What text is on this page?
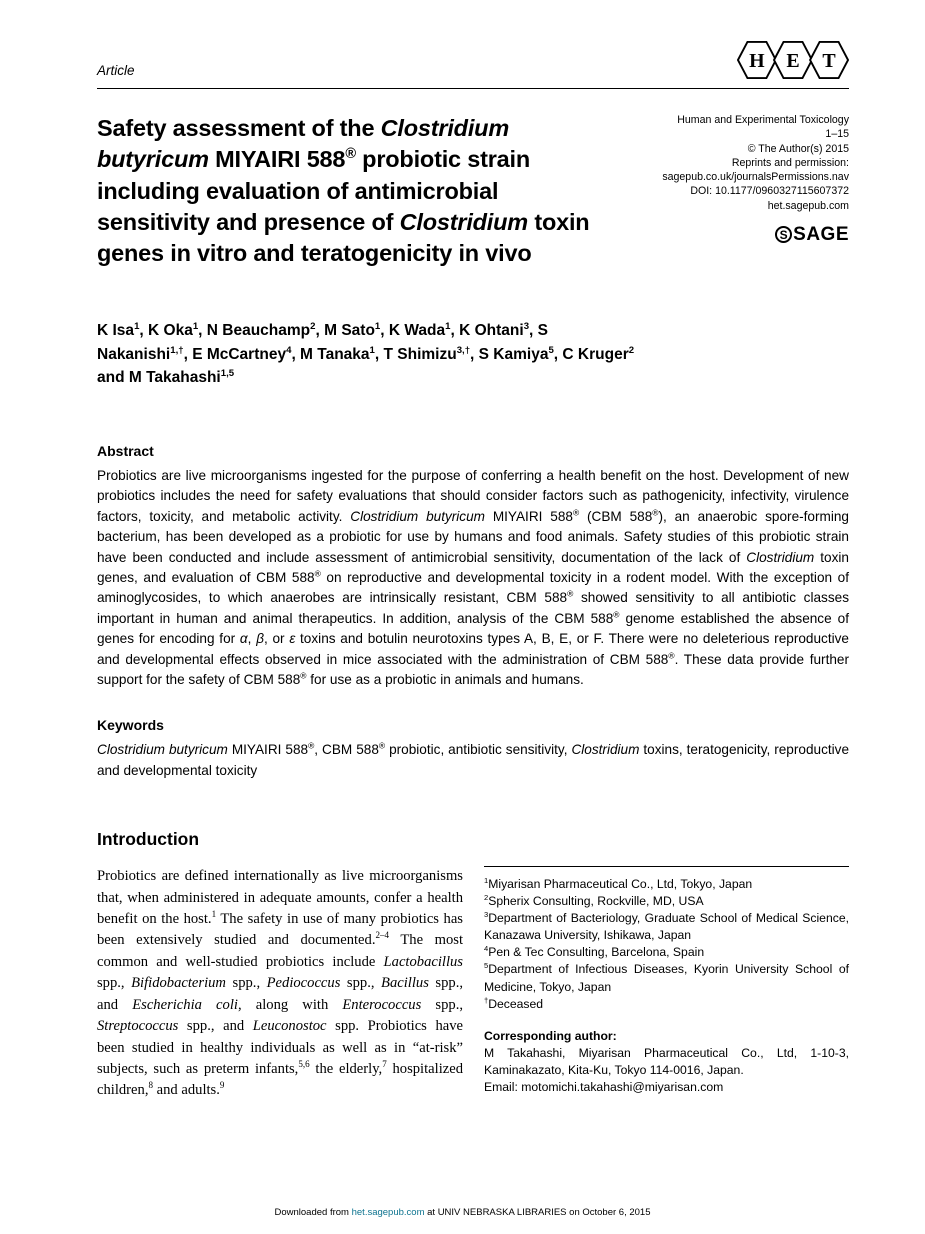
Article	H E T
Safety assessment of the Clostridium butyricum MIYAIRI 588® probiotic strain including evaluation of antimicrobial sensitivity and presence of Clostridium toxin genes in vitro and teratogenicity in vivo
Human and Experimental Toxicology
1–15
© The Author(s) 2015
Reprints and permission:
sagepub.co.uk/journalsPermissions.nav
DOI: 10.1177/0960327115607372
het.sagepub.com
S SAGE
K Isa$^1$, K Oka$^1$, N Beauchamp$^2$, M Sato$^1$, K Wada$^1$, K Ohtani$^3$, S Nakanishi$^{1,\dagger}$, E McCartney$^4$, M Tanaka$^1$, T Shimizu$^{3,\dagger}$, S Kamiya$^5$, C Kruger$^2$ and M Takahashi$^{1,5}$
Abstract
Probiotics are live microorganisms ingested for the purpose of conferring a health benefit on the host. Development of new probiotics includes the need for safety evaluations that should consider factors such as pathogenicity, infectivity, virulence factors, toxicity, and metabolic activity. Clostridium butyricum MIYAIRI 588® (CBM 588®), an anaerobic spore-forming bacterium, has been developed as a probiotic for use by humans and food animals. Safety studies of this probiotic strain have been conducted and include assessment of antimicrobial sensitivity, documentation of the lack of Clostridium toxin genes, and evaluation of CBM 588® on reproductive and developmental toxicity in a rodent model. With the exception of aminoglycosides, to which anaerobes are intrinsically resistant, CBM 588® showed sensitivity to all antibiotic classes important in human and animal therapeutics. In addition, analysis of the CBM 588® genome established the absence of genes for encoding for α, β, or ε toxins and botulin neurotoxins types A, B, E, or F. There were no deleterious reproductive and developmental effects observed in mice associated with the administration of CBM 588®. These data provide further support for the safety of CBM 588® for use as a probiotic in animals and humans.
Keywords
Clostridium butyricum MIYAIRI 588®, CBM 588® probiotic, antibiotic sensitivity, Clostridium toxins, teratogenicity, reproductive and developmental toxicity
Introduction
Probiotics are defined internationally as live microorganisms that, when administered in adequate amounts, confer a health benefit on the host.$^1$ The safety in use of many probiotics has been extensively studied and documented.$^{2-4}$ The most common and well-studied probiotics include Lactobacillus spp., Bifidobacterium spp., Pediococcus spp., Bacillus spp., and Escherichia coli, along with Enterococcus spp., Streptococcus spp., and Leuconostoc spp. Probiotics have been studied in healthy individuals as well as in “at-risk” subjects, such as preterm infants,$^{5,6}$ the elderly,$^7$ hospitalized children,$^8$ and adults.$^9$
$^1$Miyarisan Pharmaceutical Co., Ltd, Tokyo, Japan
$^2$Spherix Consulting, Rockville, MD, USA
$^3$Department of Bacteriology, Graduate School of Medical Science, Kanazawa University, Ishikawa, Japan
$^4$Pen & Tec Consulting, Barcelona, Spain
$^5$Department of Infectious Diseases, Kyorin University School of Medicine, Tokyo, Japan
†Deceased
Corresponding author:
M Takahashi, Miyarisan Pharmaceutical Co., Ltd, 1-10-3, Kaminakazato, Kita-Ku, Tokyo 114-0016, Japan.
Email: motomichi.takahashi@miyarisan.com
Downloaded from het.sagepub.com at UNIV NEBRASKA LIBRARIES on October 6, 2015
